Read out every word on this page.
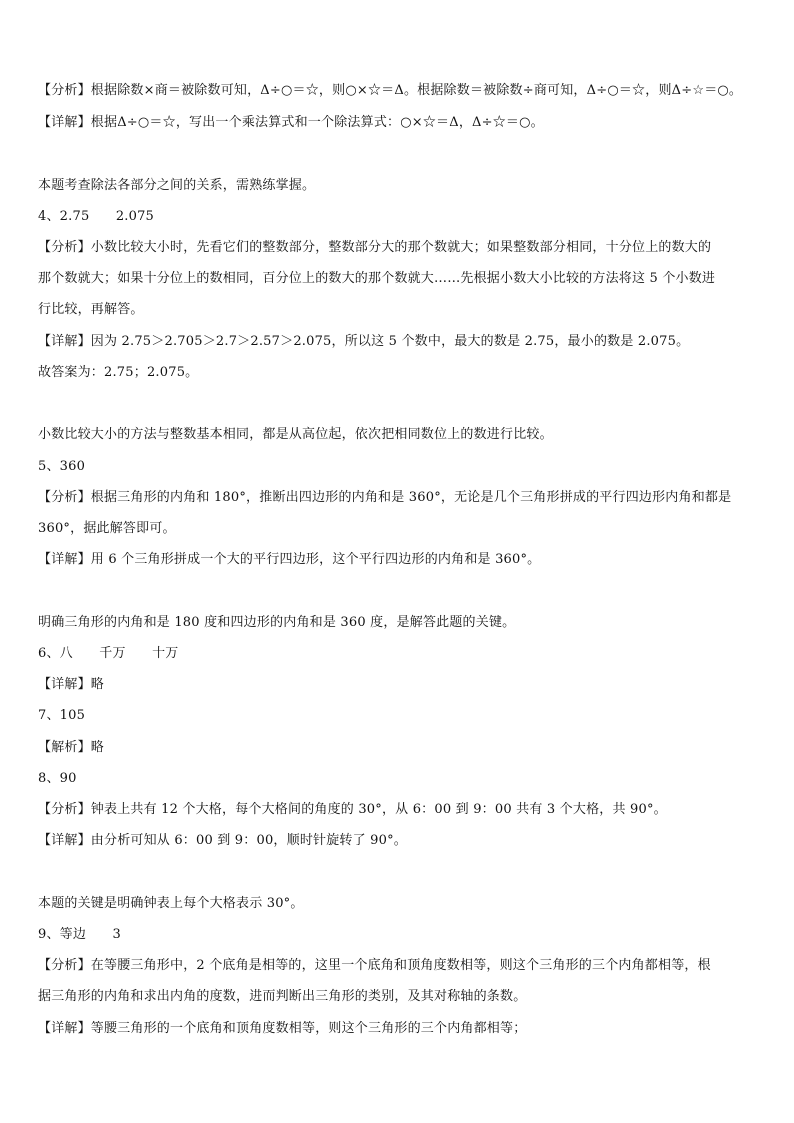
【分析】根据除数×商＝被除数可知，Δ÷○＝☆，则○×☆＝Δ。根据除数＝被除数÷商可知，Δ÷○＝☆，则Δ÷☆＝○。
【详解】根据Δ÷○＝☆，写出一个乘法算式和一个除法算式：○×☆＝Δ，Δ÷☆＝○。
本题考查除法各部分之间的关系，需熟练掌握。
4、2.75　　2.075
【分析】小数比较大小时，先看它们的整数部分，整数部分大的那个数就大；如果整数部分相同，十分位上的数大的
那个数就大；如果十分位上的数相同，百分位上的数大的那个数就大……先根据小数大小比较的方法将这 5 个小数进
行比较，再解答。
【详解】因为 2.75＞2.705＞2.7＞2.57＞2.075，所以这 5 个数中，最大的数是 2.75，最小的数是 2.075。
故答案为：2.75；2.075。
小数比较大小的方法与整数基本相同，都是从高位起，依次把相同数位上的数进行比较。
5、360
【分析】根据三角形的内角和 180°，推断出四边形的内角和是 360°，无论是几个三角形拼成的平行四边形内角和都是
360°，据此解答即可。
【详解】用 6 个三角形拼成一个大的平行四边形，这个平行四边形的内角和是 360°。
明确三角形的内角和是 180 度和四边形的内角和是 360 度，是解答此题的关键。
6、八　　千万　　十万
【详解】略
7、105
【解析】略
8、90
【分析】钟表上共有 12 个大格，每个大格间的角度的 30°，从 6：00 到 9：00 共有 3 个大格，共 90°。
【详解】由分析可知从 6：00 到 9：00，顺时针旋转了 90°。
本题的关键是明确钟表上每个大格表示 30°。
9、等边　　3
【分析】在等腰三角形中，2 个底角是相等的，这里一个底角和顶角度数相等，则这个三角形的三个内角都相等，根
据三角形的内角和求出内角的度数，进而判断出三角形的类别，及其对称轴的条数。
【详解】等腰三角形的一个底角和顶角度数相等，则这个三角形的三个内角都相等；
